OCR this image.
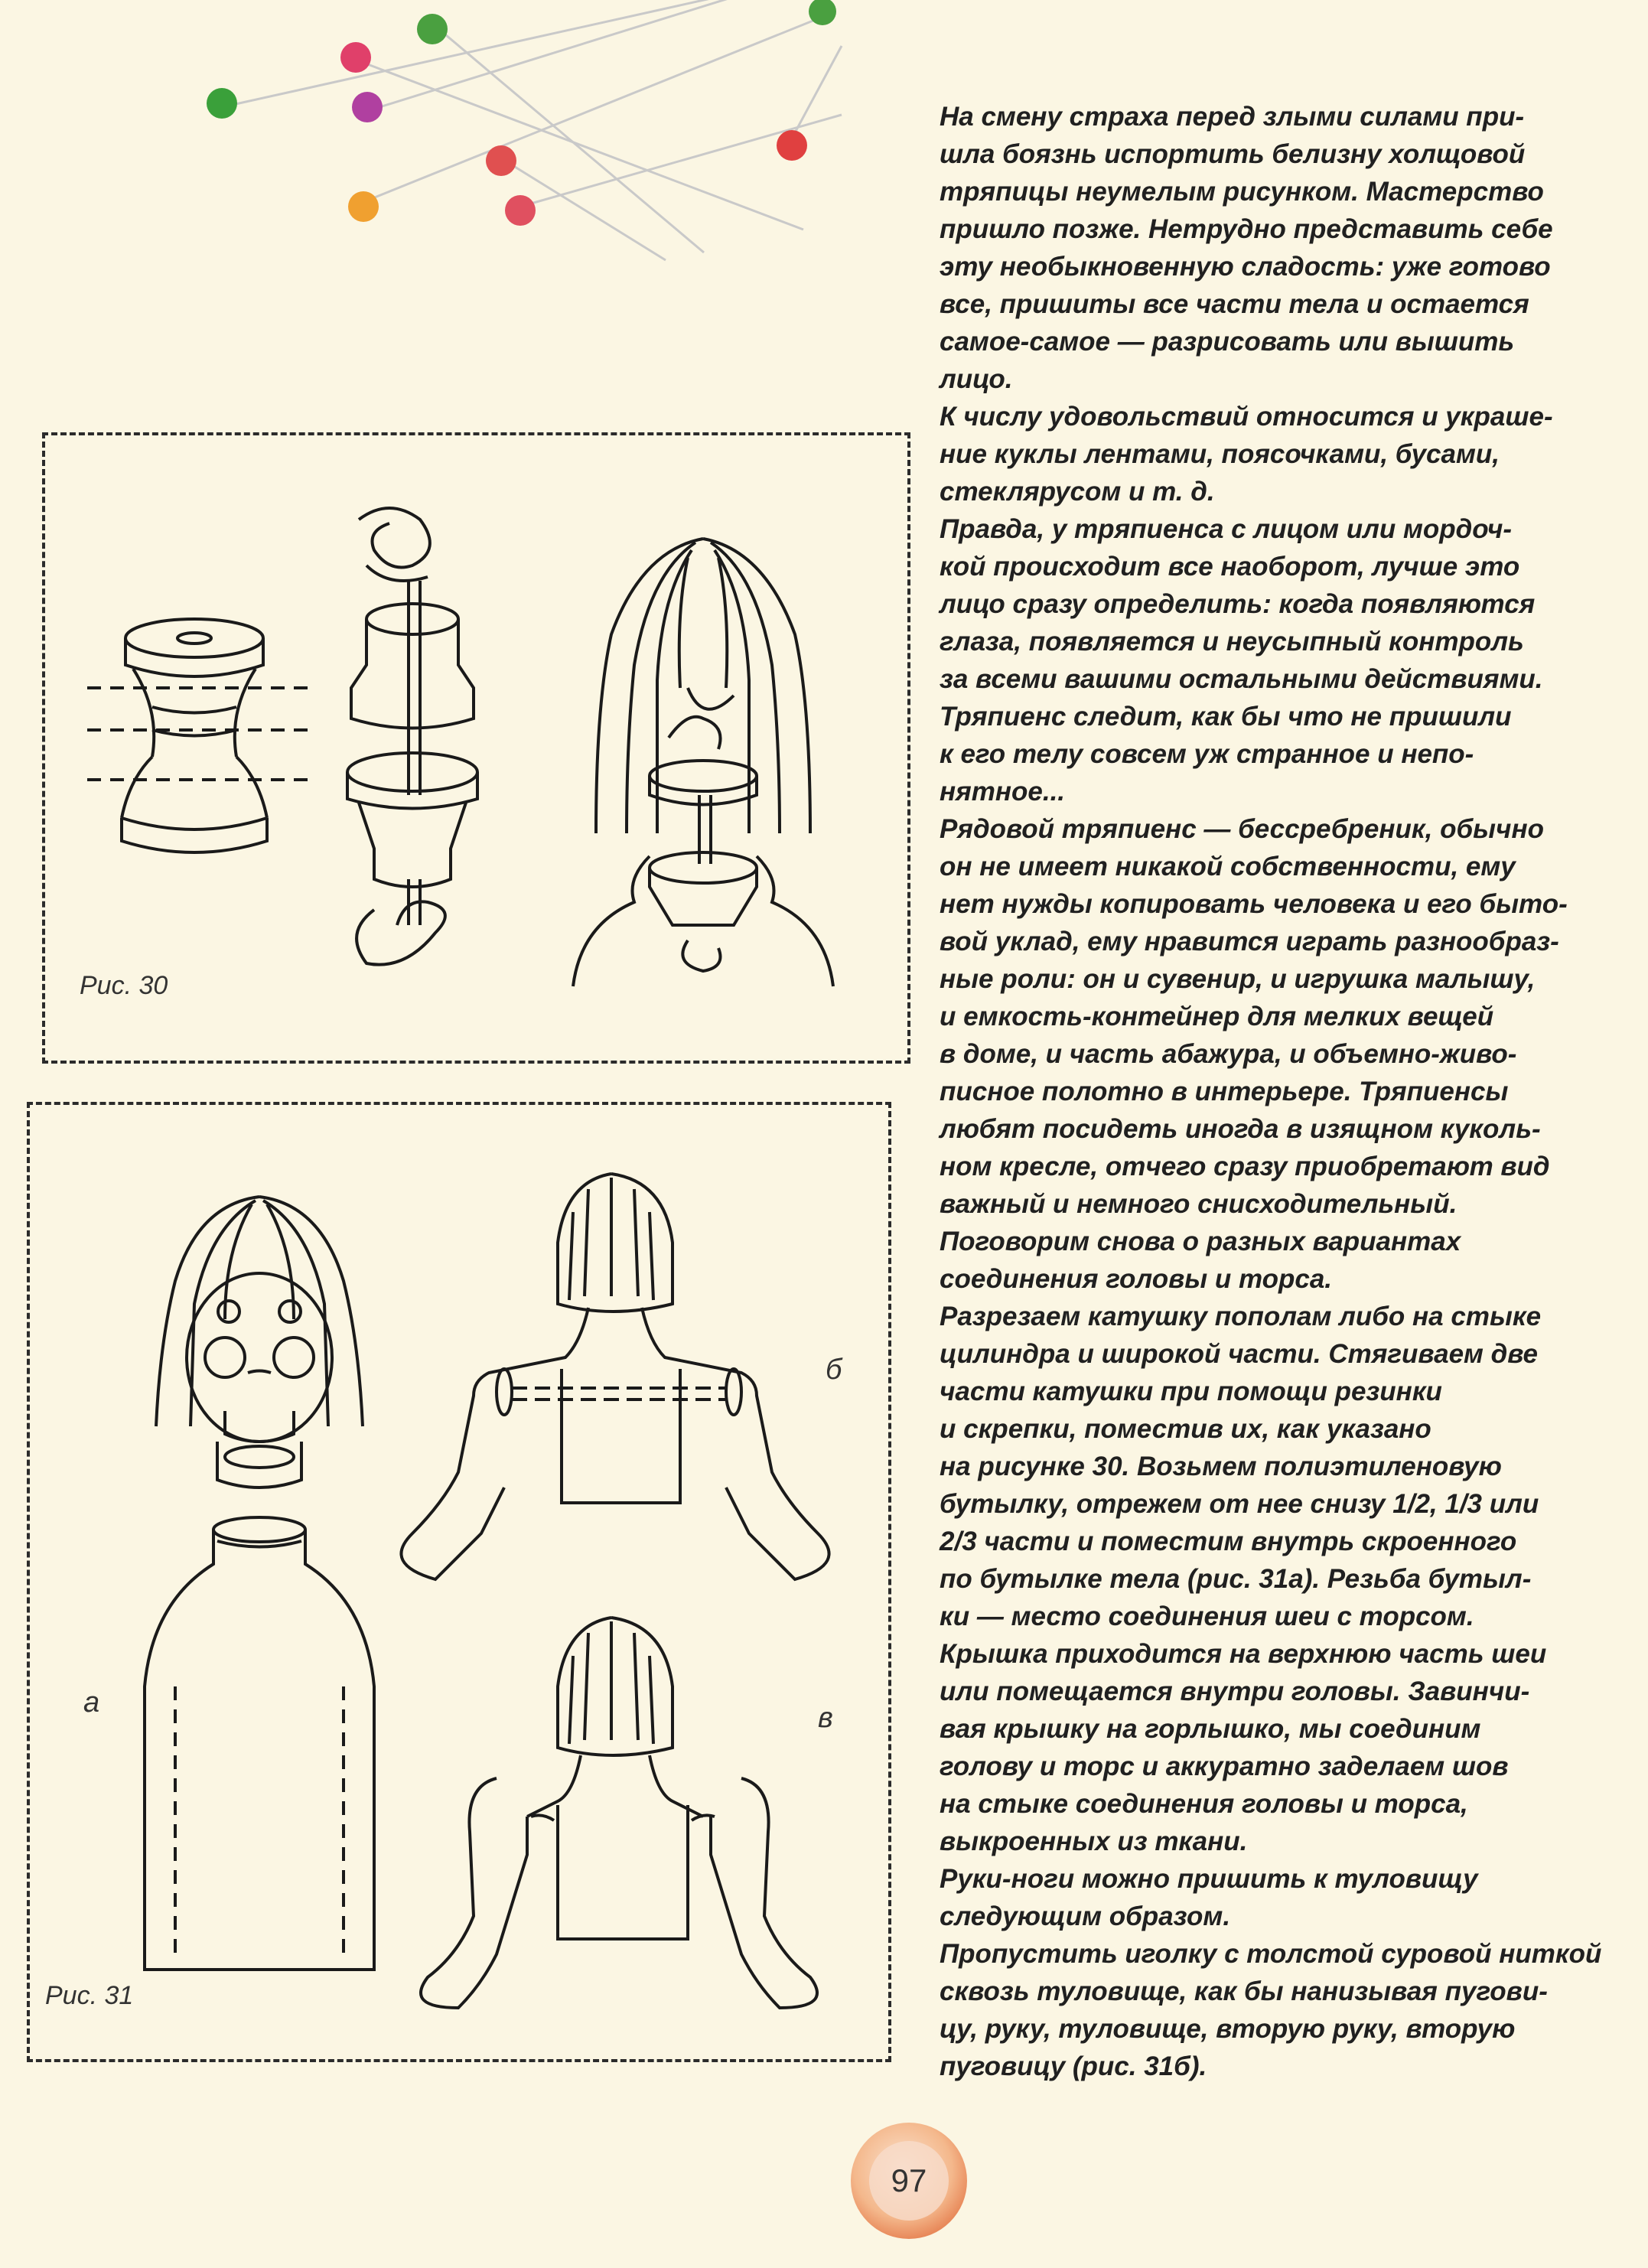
Рис. 30
а
б
в
Рис. 31
На смену страха перед злыми силами при-
шла боязнь испортить белизну холщовой
тряпицы неумелым рисунком. Мастерство
пришло позже. Нетрудно представить себе
эту необыкновенную сладость: уже готово
все, пришиты все части тела и остается
самое-самое — разрисовать или вышить
лицо.
К числу удовольствий относится и украше-
ние куклы лентами, поясочками, бусами,
стеклярусом и т. д.
Правда, у тряпиенса с лицом или мордоч-
кой происходит все наоборот, лучше это
лицо сразу определить: когда появляются
глаза, появляется и неусыпный контроль
за всеми вашими остальными действиями.
Тряпиенс следит, как бы что не пришили
к его телу совсем уж странное и непо-
нятное...
Рядовой тряпиенс — бессребреник, обычно
он не имеет никакой собственности, ему
нет нужды копировать человека и его быто-
вой уклад, ему нравится играть разнообраз-
ные роли: он и сувенир, и игрушка малышу,
и емкость-контейнер для мелких вещей
в доме, и часть абажура, и объемно-живо-
писное полотно в интерьере. Тряпиенсы
любят посидеть иногда в изящном куколь-
ном кресле, отчего сразу приобретают вид
важный и немного снисходительный.
Поговорим снова о разных вариантах
соединения головы и торса.
Разрезаем катушку пополам либо на стыке
цилиндра и широкой части. Стягиваем две
части катушки при помощи резинки
и скрепки, поместив их, как указано
на рисунке 30. Возьмем полиэтиленовую
бутылку, отрежем от нее снизу 1/2, 1/3 или
2/3 части и поместим внутрь скроенного
по бутылке тела (рис. 31а). Резьба бутыл-
ки — место соединения шеи с торсом.
Крышка приходится на верхнюю часть шеи
или помещается внутри головы. Завинчи-
вая крышку на горлышко, мы соединим
голову и торс и аккуратно заделаем шов
на стыке соединения головы и торса,
выкроенных из ткани.
Руки-ноги можно пришить к туловищу
следующим образом.
Пропустить иголку с толстой суровой ниткой
сквозь туловище, как бы нанизывая пугови-
цу, руку, туловище, вторую руку, вторую
пуговицу (рис. 31б).
97
